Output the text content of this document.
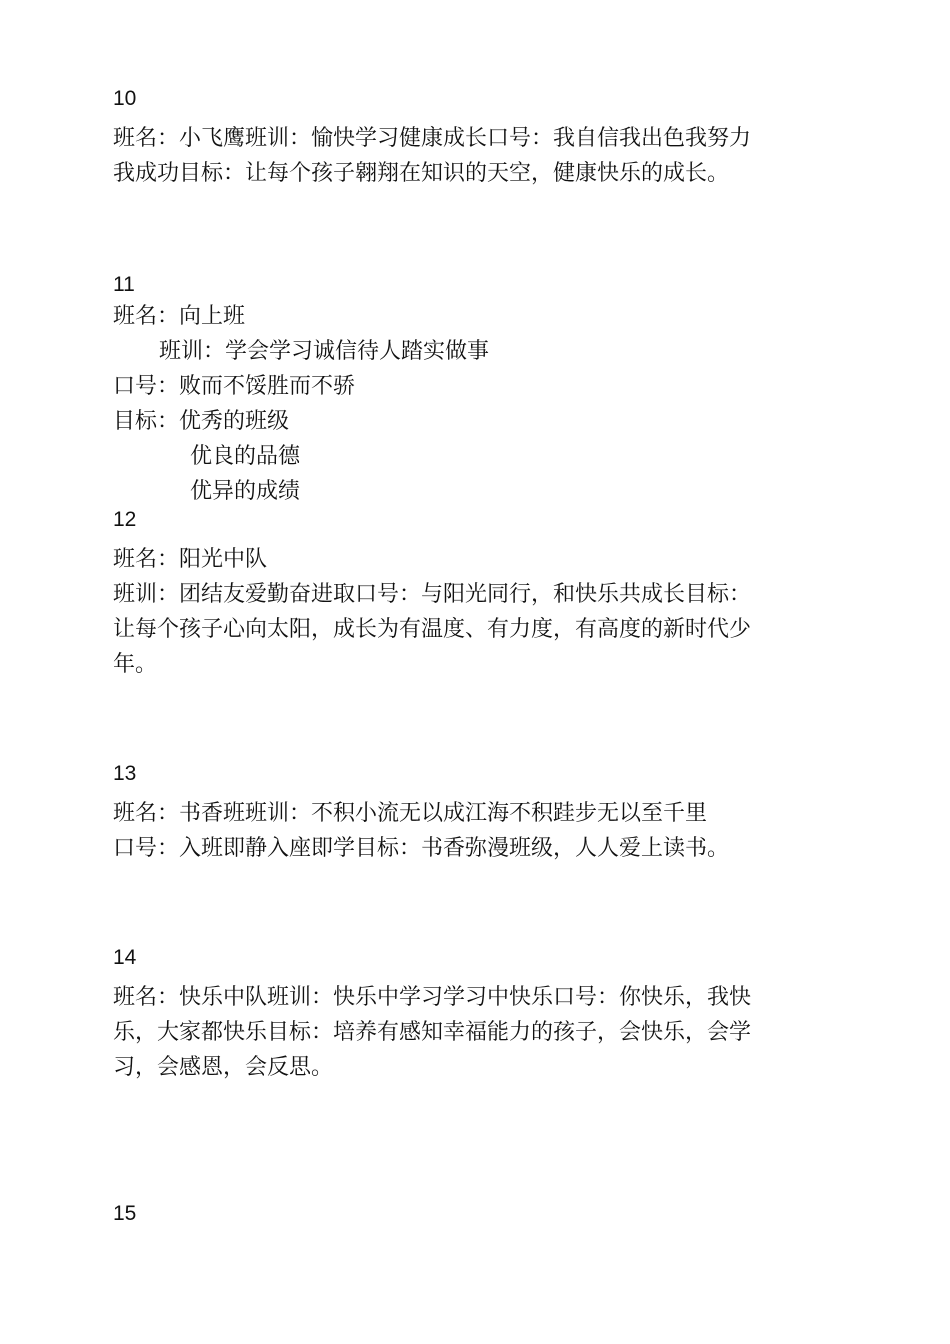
10
班名：小飞鹰班训：愉快学习健康成长口号：我自信我出色我努力
我成功目标：让每个孩子翱翔在知识的天空，健康快乐的成长。
11
班名：向上班
班训：学会学习诚信待人踏实做事
口号：败而不馁胜而不骄
目标：优秀的班级
优良的品德
优异的成绩
12
班名：阳光中队
班训：团结友爱勤奋进取口号：与阳光同行，和快乐共成长目标：
让每个孩子心向太阳，成长为有温度、有力度，有高度的新时代少
年。
13
班名：书香班班训：不积小流无以成江海不积跬步无以至千里
口号：入班即静入座即学目标：书香弥漫班级，人人爱上读书。
14
班名：快乐中队班训：快乐中学习学习中快乐口号：你快乐，我快
乐，大家都快乐目标：培养有感知幸福能力的孩子，会快乐，会学
习，会感恩，会反思。
15
